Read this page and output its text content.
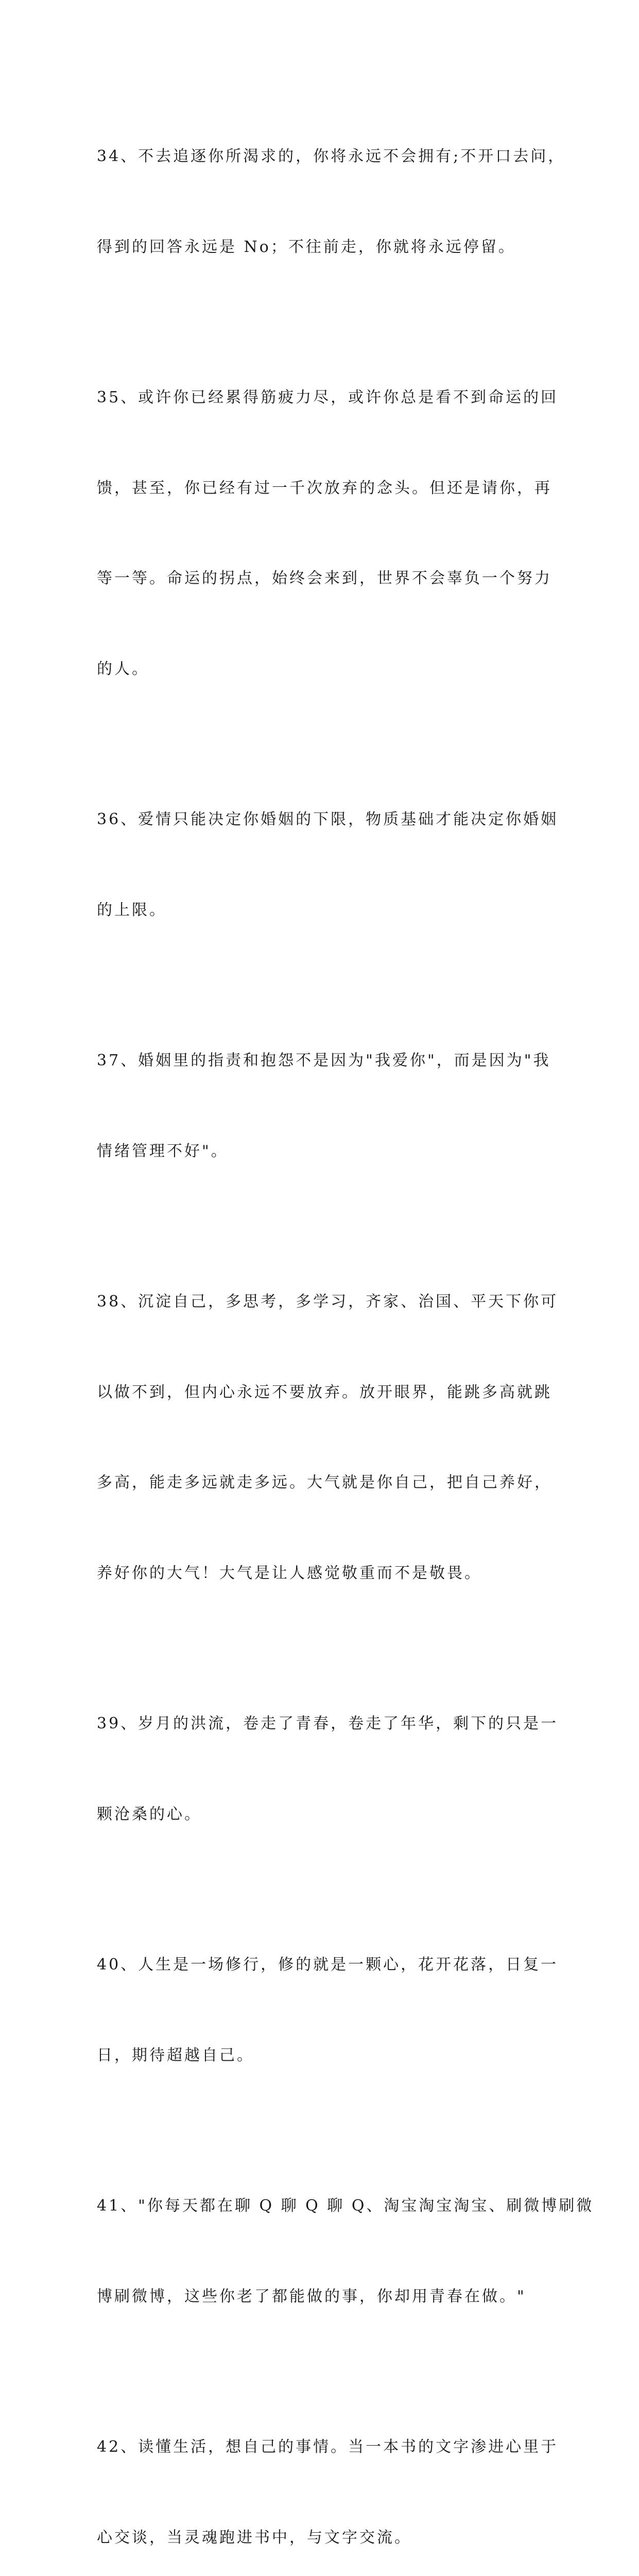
34、不去追逐你所渴求的，你将永远不会拥有;不开口去问，

得到的回答永远是 No；不往前走，你就将永远停留。

35、或许你已经累得筋疲力尽，或许你总是看不到命运的回

馈，甚至，你已经有过一千次放弃的念头。但还是请你，再

等一等。命运的拐点，始终会来到，世界不会辜负一个努力

的人。

36、爱情只能决定你婚姻的下限，物质基础才能决定你婚姻

的上限。

37、婚姻里的指责和抱怨不是因为"我爱你"，而是因为"我

情绪管理不好"。

38、沉淀自己，多思考，多学习，齐家、治国、平天下你可

以做不到，但内心永远不要放弃。放开眼界，能跳多高就跳

多高，能走多远就走多远。大气就是你自己，把自己养好，

养好你的大气！大气是让人感觉敬重而不是敬畏。

39、岁月的洪流，卷走了青春，卷走了年华，剩下的只是一

颗沧桑的心。

40、人生是一场修行，修的就是一颗心，花开花落，日复一

日，期待超越自己。

41、"你每天都在聊 Q 聊 Q 聊 Q、淘宝淘宝淘宝、刷微博刷微

博刷微博，这些你老了都能做的事，你却用青春在做。"

42、读懂生活，想自己的事情。当一本书的文字渗进心里于

心交谈，当灵魂跑进书中，与文字交流。
